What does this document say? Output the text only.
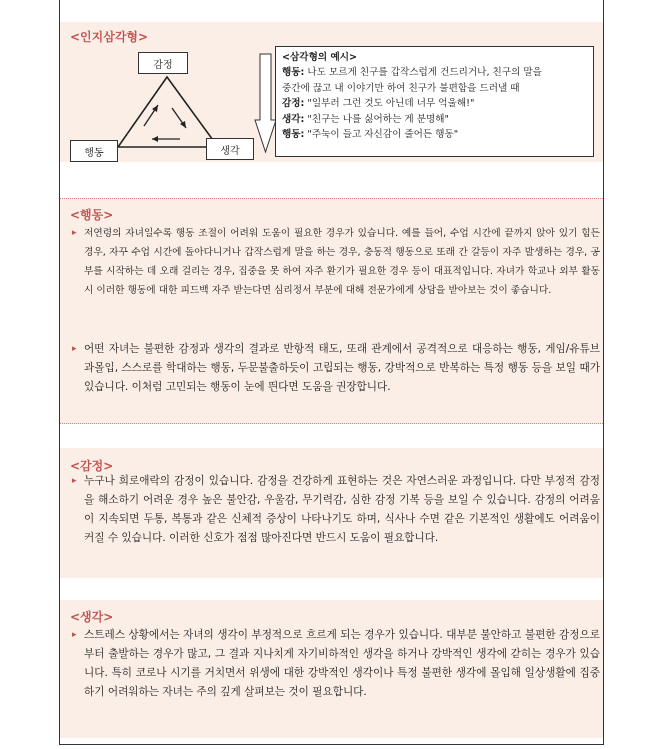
<인지삼각형>
감정
행동	생각
<삼각형의 예시>
행동: 나도 모르게 친구를 갑작스럽게 건드리거나, 친구의 말을
중간에 끊고 내 이야기만 하여 친구가 불편함을 드러낼 때
감정: "일부러 그런 것도 아닌데 너무 억울해!"
생각: "친구는 나를 싫어하는 게 분명해"
행동: "주눅이 들고 자신감이 줄어든 행동"
<행동>
▸ 저연령의 자녀일수록 행동 조절이 어려워 도움이 필요한 경우가 있습니다. 예를 들어, 수업 시간에 끝까지 앉아 있기 힘든 경우, 자꾸 수업 시간에 돌아다니거나 갑작스럽게 말을 하는 경우, 충동적 행동으로 또래 간 갈등이 자주 발생하는 경우, 공부를 시작하는 데 오래 걸리는 경우, 집중을 못 하여 자주 환기가 필요한 경우 등이 대표적입니다. 자녀가 학교나 외부 활동 시 이러한 행동에 대한 피드백 자주 받는다면 심리정서 부분에 대해 전문가에게 상담을 받아보는 것이 좋습니다.
▸ 어떤 자녀는 불편한 감정과 생각의 결과로 반항적 태도, 또래 관계에서 공격적으로 대응하는 행동, 게임/유튜브 과몰입, 스스로를 학대하는 행동, 두문불출하듯이 고립되는 행동, 강박적으로 반복하는 특정 행동 등을 보일 때가 있습니다. 이처럼 고민되는 행동이 눈에 띈다면 도움을 권장합니다.
<감정>
▸ 누구나 희로애락의 감정이 있습니다. 감정을 건강하게 표현하는 것은 자연스러운 과정입니다. 다만 부정적 감정을 해소하기 어려운 경우 높은 불안감, 우울감, 무기력감, 심한 감정 기복 등을 보일 수 있습니다. 감정의 어려움이 지속되면 두통, 복통과 같은 신체적 증상이 나타나기도 하며, 식사나 수면 같은 기본적인 생활에도 어려움이 커질 수 있습니다. 이러한 신호가 점점 많아진다면 반드시 도움이 필요합니다.
<생각>
▸ 스트레스 상황에서는 자녀의 생각이 부정적으로 흐르게 되는 경우가 있습니다. 대부분 불안하고 불편한 감정으로부터 출발하는 경우가 많고, 그 결과 지나치게 자기비하적인 생각을 하거나 강박적인 생각에 갇히는 경우가 있습니다. 특히 코로나 시기를 거치면서 위생에 대한 강박적인 생각이나 특정 불편한 생각에 몰입해 일상생활에 집중하기 어려워하는 자녀는 주의 깊게 살펴보는 것이 필요합니다.
